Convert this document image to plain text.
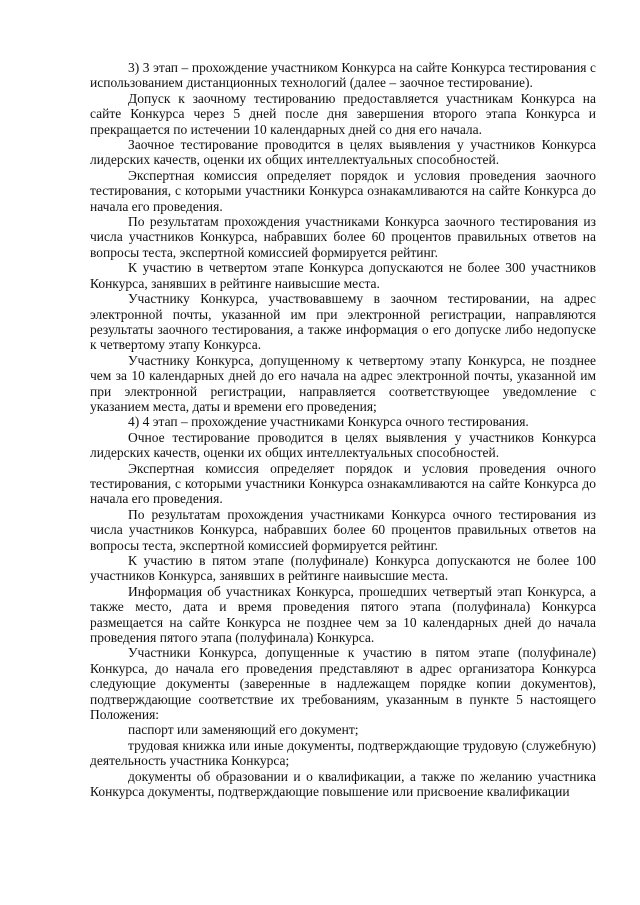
3) 3 этап – прохождение участником Конкурса на сайте Конкурса тестирования с использованием дистанционных технологий (далее – заочное тестирование).

Допуск к заочному тестированию предоставляется участникам Конкурса на сайте Конкурса через 5 дней после дня завершения второго этапа Конкурса и прекращается по истечении 10 календарных дней со дня его начала.

Заочное тестирование проводится в целях выявления у участников Конкурса лидерских качеств, оценки их общих интеллектуальных способностей.

Экспертная комиссия определяет порядок и условия проведения заочного тестирования, с которыми участники Конкурса ознакамливаются на сайте Конкурса до начала его проведения.

По результатам прохождения участниками Конкурса заочного тестирования из числа участников Конкурса, набравших более 60 процентов правильных ответов на вопросы теста, экспертной комиссией формируется рейтинг.

К участию в четвертом этапе Конкурса допускаются не более 300 участников Конкурса, занявших в рейтинге наивысшие места.

Участнику Конкурса, участвовавшему в заочном тестировании, на адрес электронной почты, указанной им при электронной регистрации, направляются результаты заочного тестирования, а также информация о его допуске либо недопуске к четвертому этапу Конкурса.

Участнику Конкурса, допущенному к четвертому этапу Конкурса, не позднее чем за 10 календарных дней до его начала на адрес электронной почты, указанной им при электронной регистрации, направляется соответствующее уведомление с указанием места, даты и времени его проведения;

4) 4 этап – прохождение участниками Конкурса очного тестирования.

Очное тестирование проводится в целях выявления у участников Конкурса лидерских качеств, оценки их общих интеллектуальных способностей.

Экспертная комиссия определяет порядок и условия проведения очного тестирования, с которыми участники Конкурса ознакамливаются на сайте Конкурса до начала его проведения.

По результатам прохождения участниками Конкурса очного тестирования из числа участников Конкурса, набравших более 60 процентов правильных ответов на вопросы теста, экспертной комиссией формируется рейтинг.

К участию в пятом этапе (полуфинале) Конкурса допускаются не более 100 участников Конкурса, занявших в рейтинге наивысшие места.

Информация об участниках Конкурса, прошедших четвертый этап Конкурса, а также место, дата и время проведения пятого этапа (полуфинала) Конкурса размещается на сайте Конкурса не позднее чем за 10 календарных дней до начала проведения пятого этапа (полуфинала) Конкурса.

Участники Конкурса, допущенные к участию в пятом этапе (полуфинале) Конкурса, до начала его проведения представляют в адрес организатора Конкурса следующие документы (заверенные в надлежащем порядке копии документов), подтверждающие соответствие их требованиям, указанным в пункте 5 настоящего Положения:

паспорт или заменяющий его документ;

трудовая книжка или иные документы, подтверждающие трудовую (служебную) деятельность участника Конкурса;

документы об образовании и о квалификации, а также по желанию участника Конкурса документы, подтверждающие повышение или присвоение квалификации
